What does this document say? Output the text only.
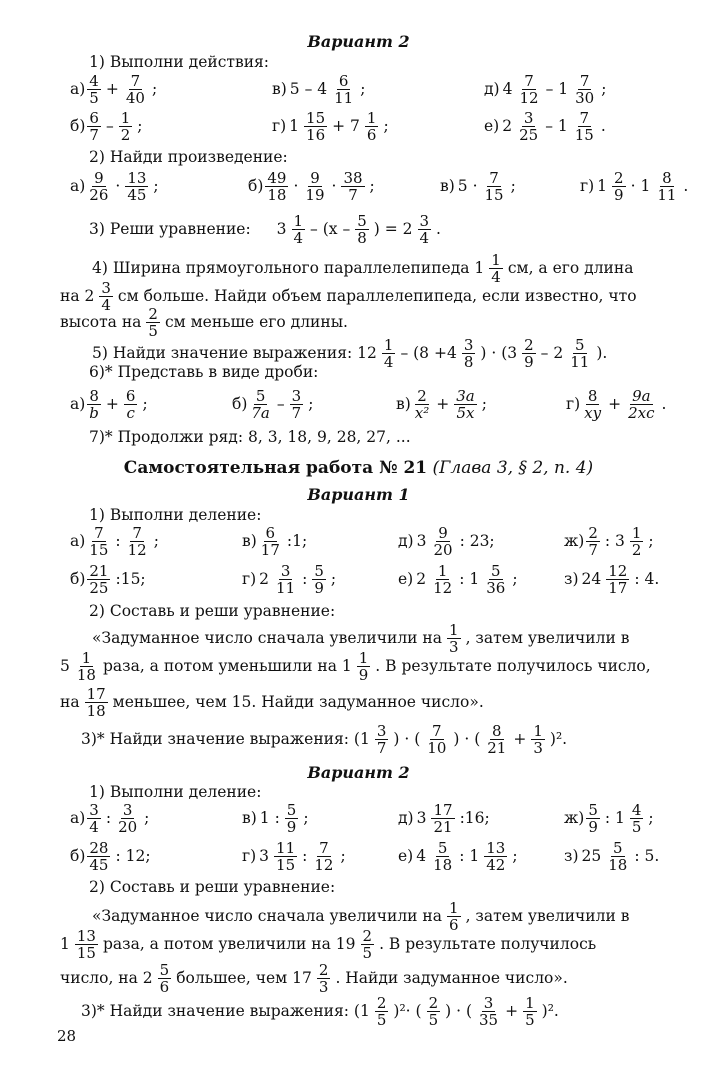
Вариант 2
1) Выполни действия:
$а) \frac{4}{5} + \frac{7}{40}$ ;	в) $5 - 4 \frac{6}{11}$ ;	д) $4 \frac{7}{12} - 1 \frac{7}{30}$ ;
$б) \frac{6}{7} - \frac{1}{2}$ ;	г) $1 \frac{15}{16} + 7 \frac{1}{6}$ ;	е) $2 \frac{3}{25} - 1 \frac{7}{15}$ .
2) Найди произведение:
$а) \frac{9}{26} \cdot \frac{13}{45}$ ;	$б) \frac{49}{18} \cdot \frac{9}{19} \cdot \frac{38}{7}$ ;	в) $5 \cdot \frac{7}{15}$ ;	г) $1 \frac{2}{9} \cdot 1 \frac{8}{11}$ .
3) Реши уравнение: $3 \frac{1}{4} - (x - \frac{5}{8}$ ) = $2 \frac{3}{4}$ .
4) Ширина прямоугольного параллелепипеда $1 \frac{1}{4}$ см, а его длина
на $2 \frac{3}{4}$ см больше. Найди объем параллелепипеда, если известно, что
высота на $\frac{2}{5}$ см меньше его длины.
5) Найди значение выражения: $12 \frac{1}{4} - (8 +4 \frac{3}{8}$ ) · ($3 \frac{2}{9} - 2 \frac{5}{11}$ ).
6)* Представь в виде дроби:
$а) \frac{8}{b} + \frac{6}{c}$ ;	$б) \frac{5}{7a} - \frac{3}{7}$ ;	$в) \frac{2}{\text{x²}} + \frac{3a}{5x}$ ;	$г) \frac{8}{xy} + \frac{9a}{2xc}$ .
7)* Продолжи ряд: 8, 3, 18, 9, 28, 27, ...
Самостоятельная работа № 21 (Глава 3, § 2, п. 4)
Вариант 1
1) Выполни деление:
$а) \frac{7}{15}$ : $\frac{7}{12}$ ;	$в) \frac{6}{17}$ :1;	д) $3 \frac{9}{20}$ : 23;	$ж) \frac{2}{7}$ : $3 \frac{1}{2}$ ;
$б) \frac{21}{25}$ :15;	г) $2 \frac{3}{11}$ : $\frac{5}{9}$ ;	е) $2 \frac{1}{12}$ : $1 \frac{5}{36}$ ;	з) $24 \frac{12}{17}$ : 4.
2) Составь и реши уравнение:
«Задуманное число сначала увеличили на $\frac{1}{3}$ , затем увеличили в
$5 \frac{1}{18}$ раза, а потом уменьшили на $1 \frac{1}{9}$ . В результате получилось число,
на $\frac{17}{18}$ меньшее, чем 15. Найди задуманное число».
3)* Найди значение выражения: ($1 \frac{3}{7}$ ) · ( $\frac{7}{10}$ ) · ( $\frac{8}{21} + \frac{1}{3} )^2$.
Вариант 2
1) Выполни деление:
$а) \frac{3}{4}$ : $\frac{3}{20}$ ;	в) 1 : $\frac{5}{9}$ ;	д) $3 \frac{17}{21}$ :16;	$ж) \frac{5}{9}$ : $1 \frac{4}{5}$ ;
$б) \frac{28}{45}$ : 12;	г) $3 \frac{11}{15}$ : $\frac{7}{12}$ ;	е) $4 \frac{5}{18}$ : $1 \frac{13}{42}$ ;	з) $25 \frac{5}{18}$ : 5.
2) Составь и реши уравнение:
«Задуманное число сначала увеличили на $\frac{1}{6}$ , затем увеличили в
$1 \frac{13}{15}$ раза, а потом увеличили на $19 \frac{2}{5}$ . В результате получилось
число, на $2 \frac{5}{6}$ большее, чем $17 \frac{2}{3}$ . Найди задуманное число».
3)* Найди значение выражения: $(1 \frac{2}{5} )^2\cdot$ ( $\frac{2}{5}$ ) · ( $\frac{3}{35} + \frac{1}{5} )^2$.
28
